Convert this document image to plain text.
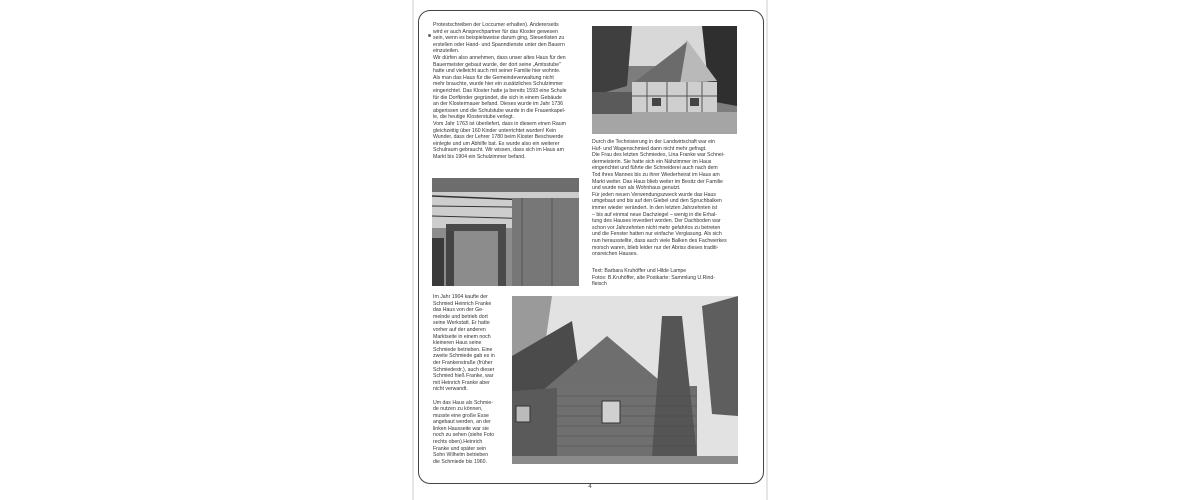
Protestschreiben der Loccumer erhalten). Andererseits
wird er auch Ansprechpartner für das Kloster gewesen
sein, wenn es beispielsweise darum ging, Steuerlisten zu
erstellen oder Hand- und Spanndienste unter den Bauern
einzuteilen.
Wir dürfen also annehmen, dass unser altes Haus für den
Bauermeister gebaut wurde, der dort seine „Amtsstube"
hatte und vielleicht auch mit seiner Familie hier wohnte.
Als man das Haus für die Gemeindeverwaltung nicht
mehr brauchte, wurde hier ein zusätzliches Schulzimmer
eingerichtet. Das Kloster hatte ja bereits 1593 eine Schule
für die Dorfkinder gegründet, die sich in einem Gebäude
an der Klostermauer befand. Dieses wurde im Jahr 1736
abgerissen und die Schulstube wurde in die Frauenkapel-
le, die heutige Klosterstube verlegt.
Vom Jahr 1763 ist überliefert, dass in diesem einen Raum
gleichzeitig über 160 Kinder unterrichtet wurden! Kein
Wunder, dass der Lehrer 1780 beim Kloster Beschwerde
einlegte und um Abhilfe bat. Es wurde also ein weiterer
Schulraum gebraucht. Wir wissen, dass sich im Haus am
Markt bis 1904 ein Schulzimmer befand.

Durch die Technisierung in der Landwirtschaft war ein
Huf- und Wagenschmied dann nicht mehr gefragt.
Die Frau des letzten Schmiedes, Lina Franke war Schnei-
dermeisterin. Sie hatte sich ein Nähzimmer im Haus
eingerichtet und führte die Schneiderei auch nach dem
Tod ihres Mannes bis zu ihrer Wiederheirat im Haus am
Markt weiter. Das Haus blieb weiter im Besitz der Familie
und wurde nun als Wohnhaus genutzt.
Für jeden neuen Verwendungszweck wurde das Haus
umgebaut und bis auf den Giebel und den Spruchbalken
immer wieder verändert. In den letzten Jahrzehnten ist
– bis auf einmal neue Dachziegel – wenig in die Erhal-
tung des Hauses investiert worden. Der Dachboden war
schon vor Jahrzehnten nicht mehr gefahrlos zu betreten
und die Fenster hatten nur einfache Verglasung. Als sich
nun herausstellte, dass auch viele Balken des Fachwerkes
morsch waren, blieb leider nur der Abriss dieses traditi-
onsreichen Hauses.

Text: Barbara Kruhöffer und Hilde Lampe
Fotos: B.Kruhöffer, alte Postkarte: Sammlung U.Rind-
fleisch

Im Jahr 1904 kaufte der
Schmied Heinrich Franke
das Haus von der Ge-
meinde und betrieb dort
seine Werkstatt. Er hatte
vorher auf der anderen
Marktseite in einem noch
kleineren Haus seine
Schmiede betrieben. Eine
zweite Schmiede gab es in
der Frankenstraße (früher
Schmiedestr.), auch dieser
Schmied hieß Franke, war
mit Heinrich Franke aber
nicht verwandt.

Um das Haus als Schmie-
de nutzen zu können,
musste eine große Esse
angebaut werden, an der
linken Hausseite war sie
noch zu sehen (siehe Foto
rechts oben).Heinrich
Franke und später sein
Sohn Wilhelm betrieben
die Schmiede bis 1960.

4
